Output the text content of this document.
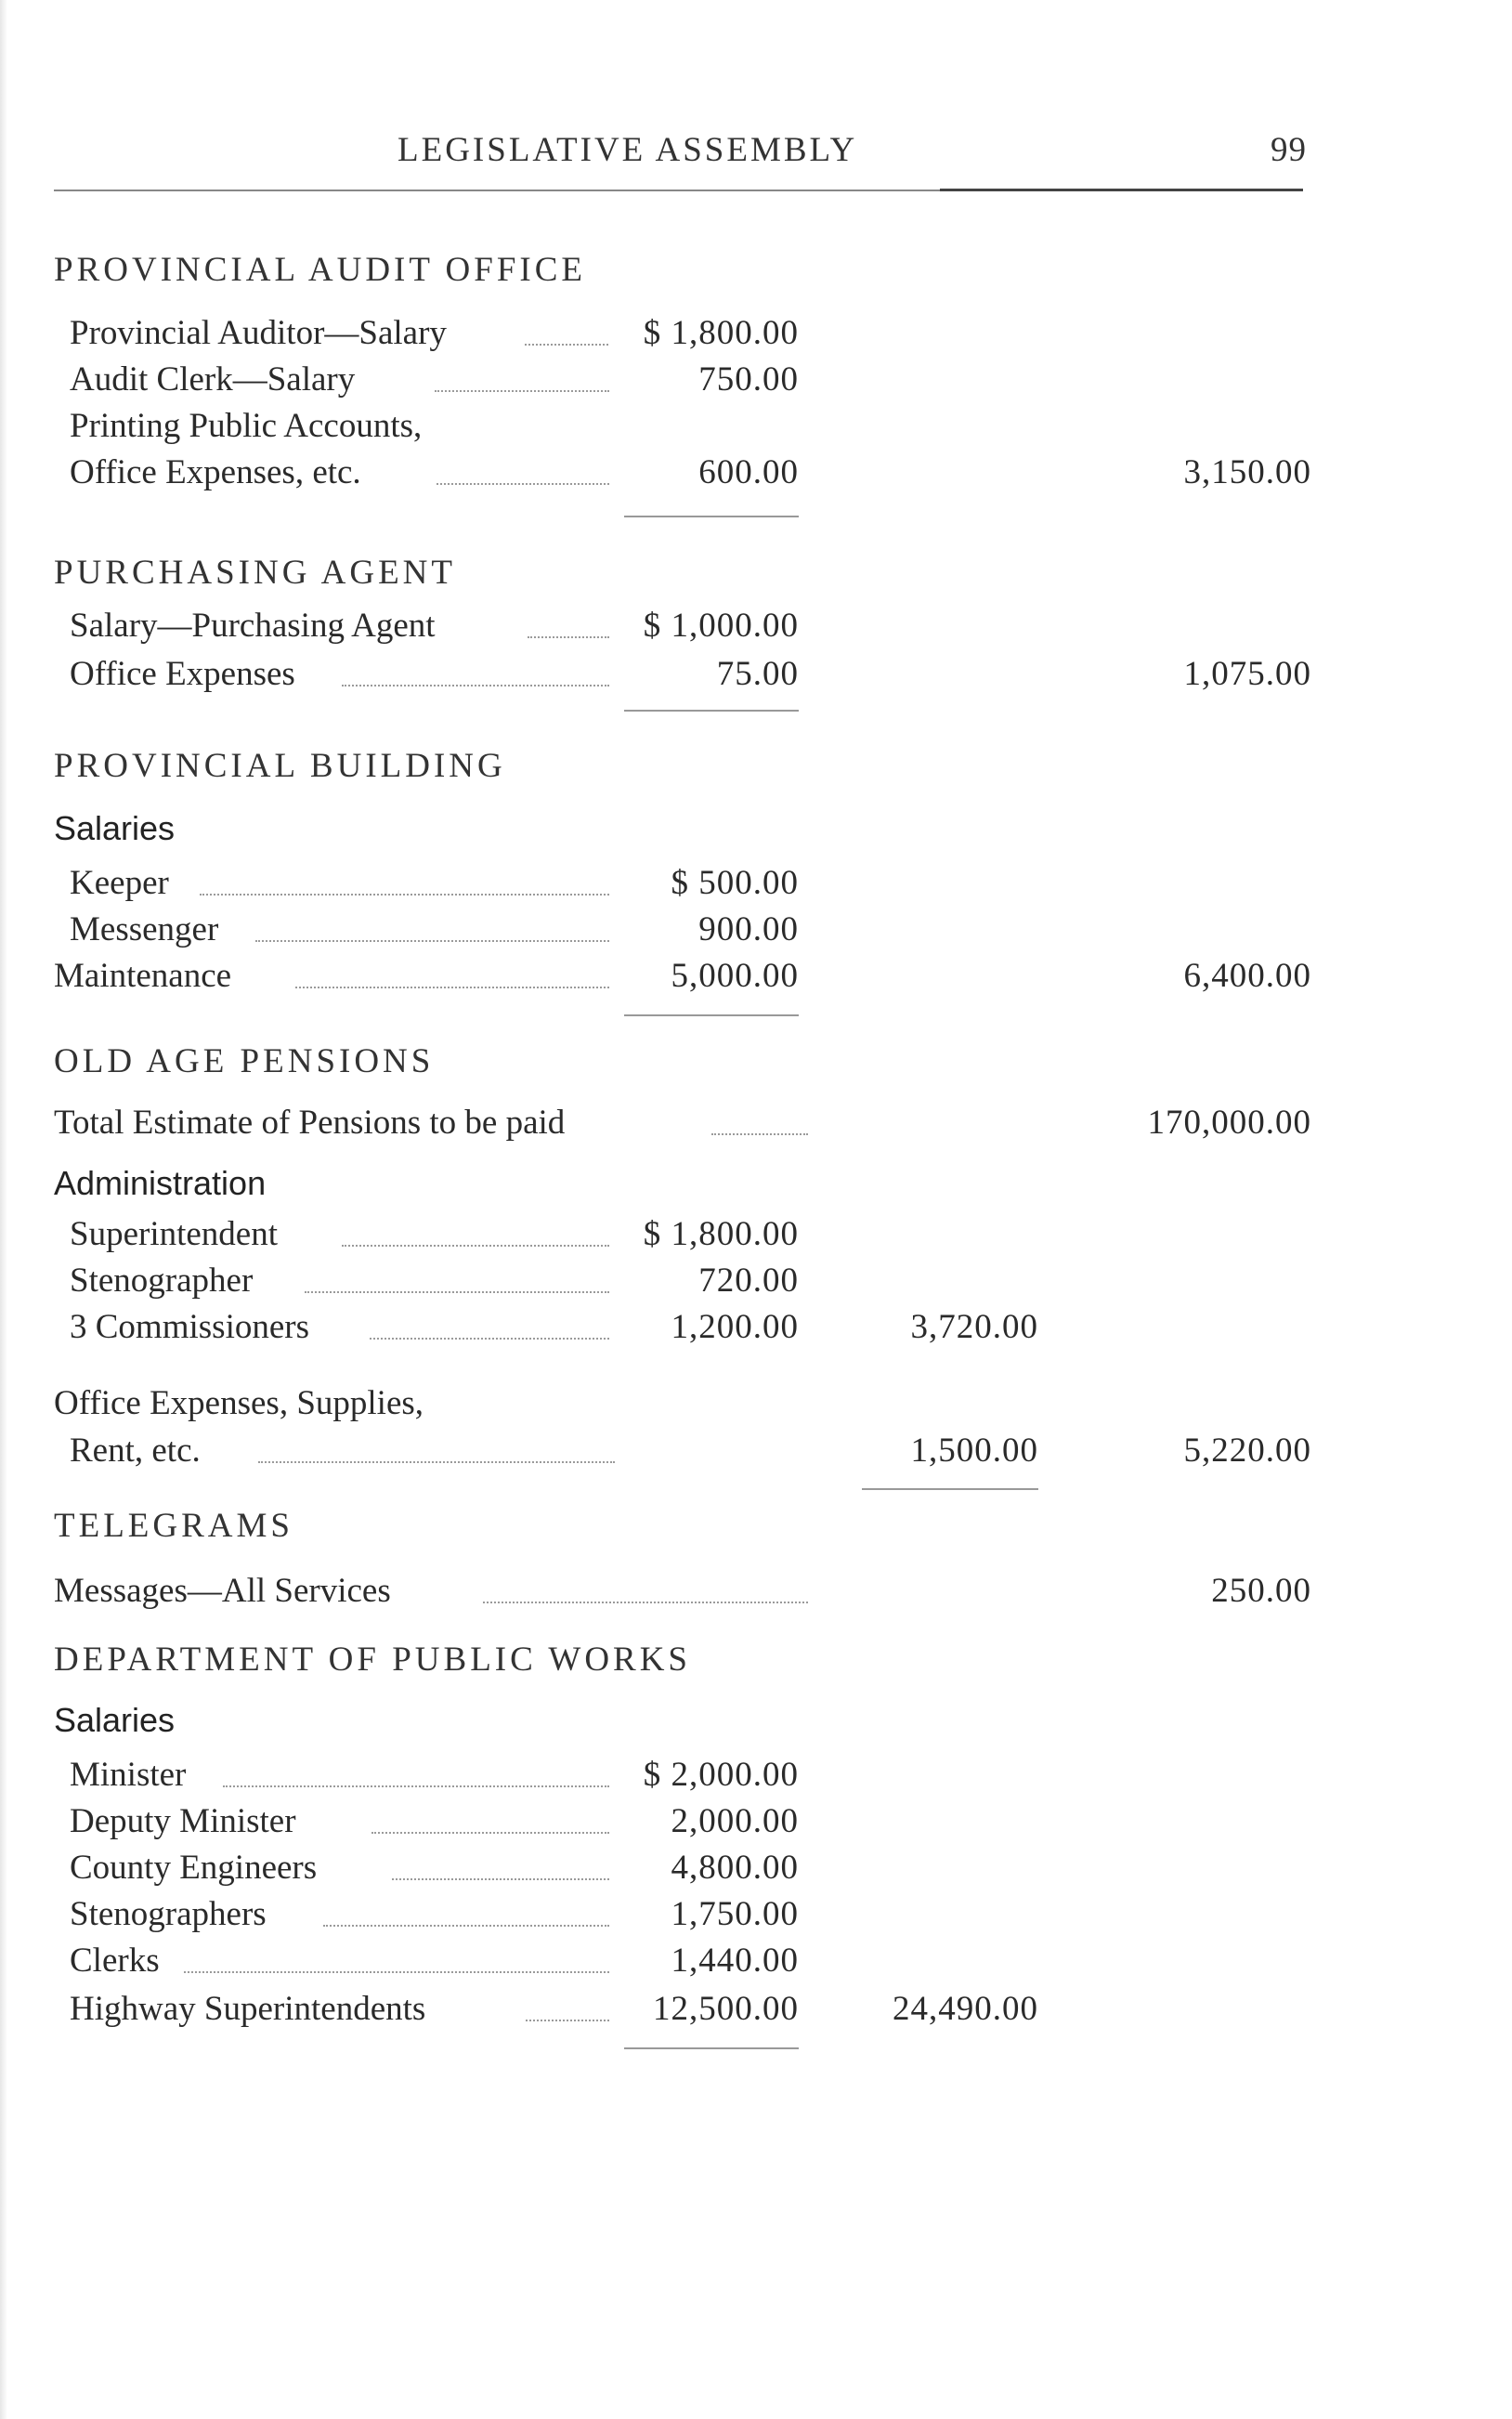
LEGISLATIVE ASSEMBLY	99
PROVINCIAL AUDIT OFFICE
Provincial Auditor—Salary	$ 1,800.00
Audit Clerk—Salary	750.00
Printing Public Accounts,
Office Expenses, etc.	600.00	3,150.00
PURCHASING AGENT
Salary—Purchasing Agent	$ 1,000.00
Office Expenses	75.00	1,075.00
PROVINCIAL BUILDING
Salaries
Keeper	$ 500.00
Messenger	900.00
Maintenance	5,000.00	6,400.00
OLD AGE PENSIONS
Total Estimate of Pensions to be paid	170,000.00
Administration
Superintendent	$ 1,800.00
Stenographer	720.00
3 Commissioners	1,200.00	3,720.00
Office Expenses, Supplies,
Rent, etc.	1,500.00	5,220.00
TELEGRAMS
Messages—All Services	250.00
DEPARTMENT OF PUBLIC WORKS
Salaries
Minister	$ 2,000.00
Deputy Minister	2,000.00
County Engineers	4,800.00
Stenographers	1,750.00
Clerks	1,440.00
Highway Superintendents	12,500.00	24,490.00
